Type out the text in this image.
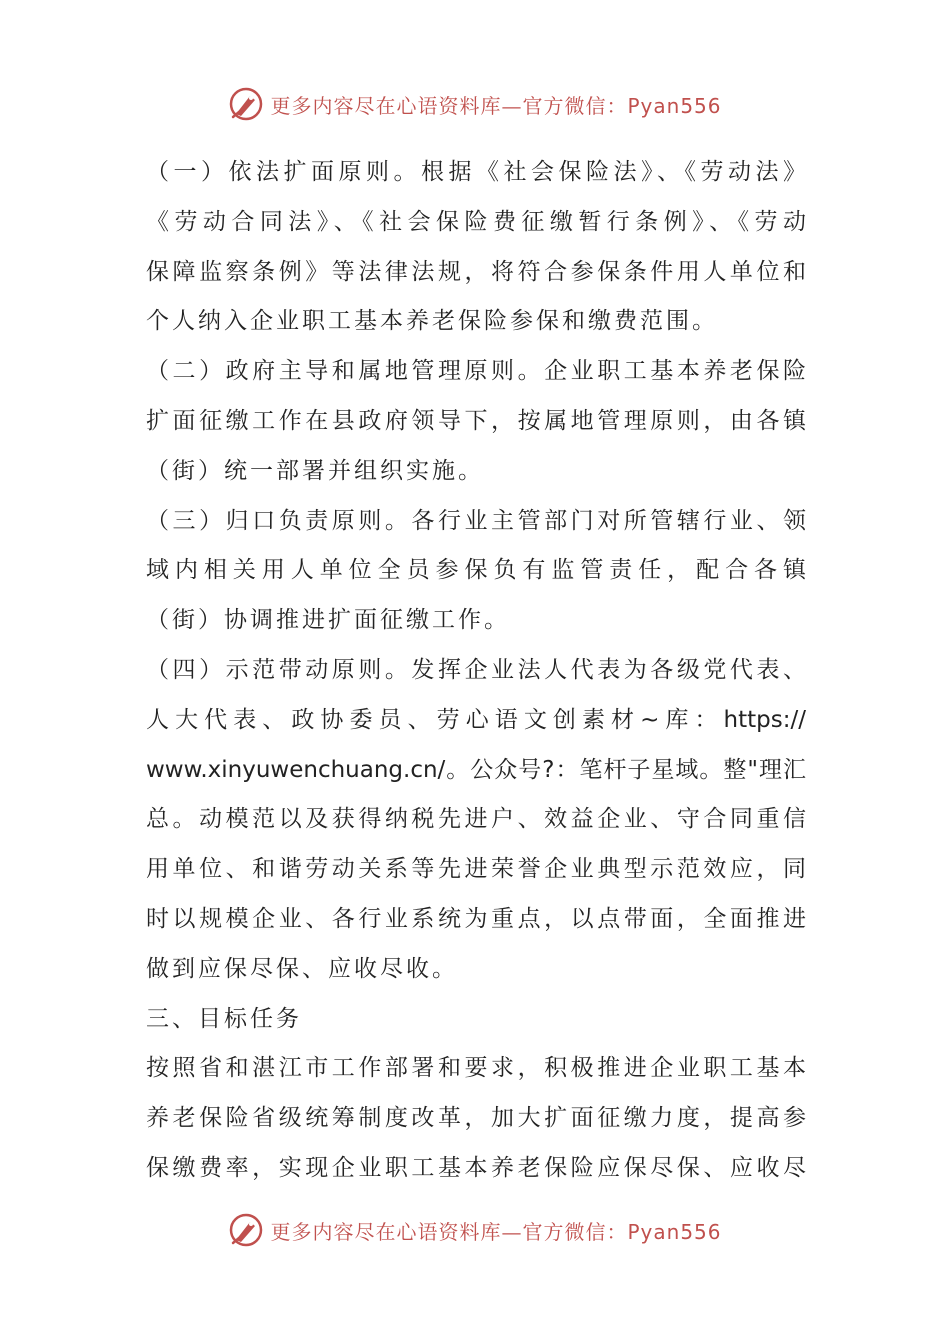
更多内容尽在心语资料库—官方微信：Pyan556
（一）依法扩面原则。根据《社会保险法》、《劳动法》
《劳动合同法》、《社会保险费征缴暂行条例》、《劳动
保障监察条例》等法律法规，将符合参保条件用人单位和
个人纳入企业职工基本养老保险参保和缴费范围。
（二）政府主导和属地管理原则。企业职工基本养老保险
扩面征缴工作在县政府领导下，按属地管理原则，由各镇
（街）统一部署并组织实施。
（三）归口负责原则。各行业主管部门对所管辖行业、领
域内相关用人单位全员参保负有监管责任，配合各镇
（街）协调推进扩面征缴工作。
（四）示范带动原则。发挥企业法人代表为各级党代表、
人大代表、政协委员、劳心语文创素材~库：https://
www.xinyuwenchuang.cn/。公众号?：笔杆子星域。整"理汇
总。动模范以及获得纳税先进户、效益企业、守合同重信
用单位、和谐劳动关系等先进荣誉企业典型示范效应，同
时以规模企业、各行业系统为重点，以点带面，全面推进
做到应保尽保、应收尽收。
三、目标任务
按照省和湛江市工作部署和要求，积极推进企业职工基本
养老保险省级统筹制度改革，加大扩面征缴力度，提高参
保缴费率，实现企业职工基本养老保险应保尽保、应收尽
更多内容尽在心语资料库—官方微信：Pyan556
